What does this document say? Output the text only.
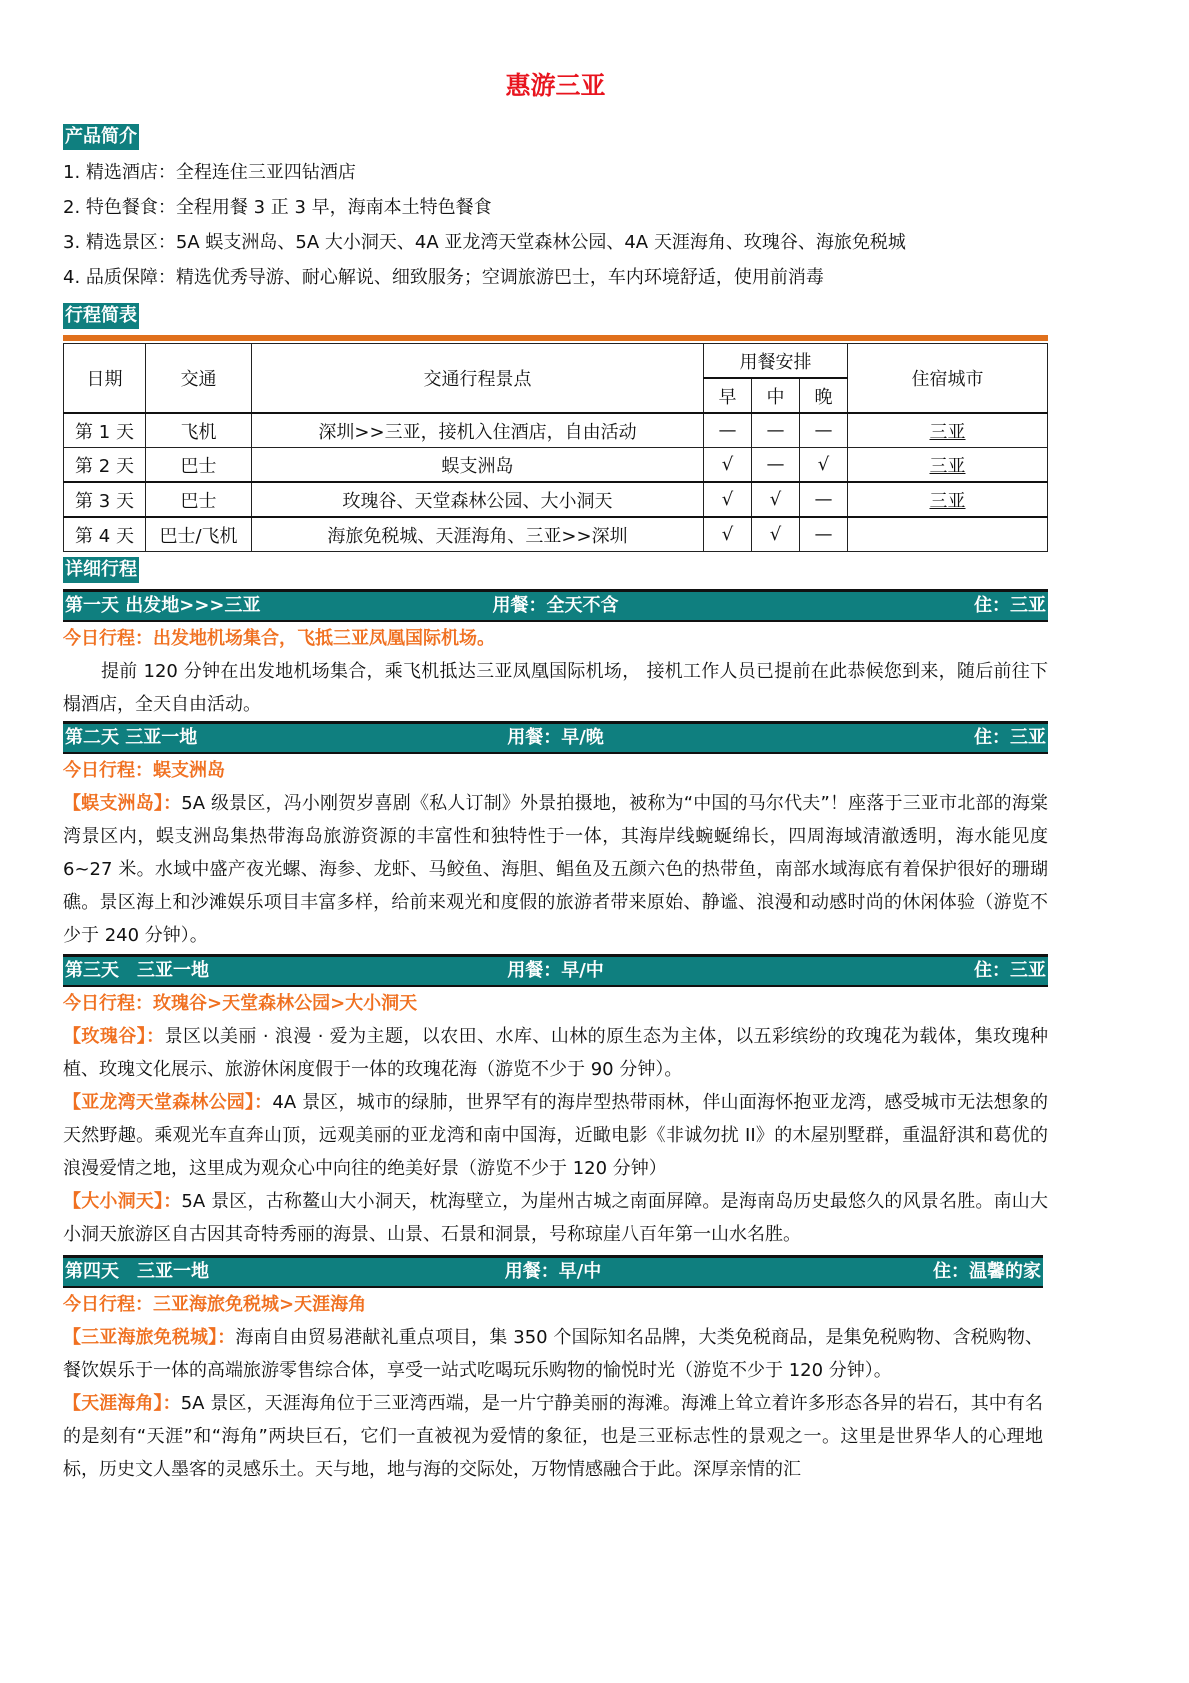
惠游三亚
产品简介
1. 精选酒店：全程连住三亚四钻酒店
2. 特色餐食：全程用餐 3 正 3 早，海南本土特色餐食
3. 精选景区：5A 蜈支洲岛、5A 大小洞天、4A 亚龙湾天堂森林公园、4A 天涯海角、玫瑰谷、海旅免税城
4. 品质保障：精选优秀导游、耐心解说、细致服务；空调旅游巴士，车内环境舒适，使用前消毒
行程简表
日期	交通	交通行程景点	用餐安排			住宿城市
			早	中	晚	
第 1 天	飞机	深圳>>三亚，接机入住酒店，自由活动	—	—	—	三亚
第 2 天	巴士	蜈支洲岛	√	—	√	三亚
第 3 天	巴士	玫瑰谷、天堂森林公园、大小洞天	√	√	—	三亚
第 4 天	巴士/飞机	海旅免税城、天涯海角、三亚>>深圳	√	√	—	
详细行程
第一天 出发地>>>三亚	用餐：全天不含	住：三亚
今日行程：出发地机场集合，飞抵三亚凤凰国际机场。
提前 120 分钟在出发地机场集合，乘飞机抵达三亚凤凰国际机场， 接机工作人员已提前在此恭候您到来，随后前往下榻酒店，全天自由活动。
第二天 三亚一地	用餐：早/晚	住：三亚
今日行程：蜈支洲岛
【蜈支洲岛】：5A 级景区，冯小刚贺岁喜剧《私人订制》外景拍摄地，被称为“中国的马尔代夫”！座落于三亚市北部的海棠湾景区内，蜈支洲岛集热带海岛旅游资源的丰富性和独特性于一体，其海岸线蜿蜒绵长，四周海域清澈透明，海水能见度 6~27 米。水域中盛产夜光螺、海参、龙虾、马鲛鱼、海胆、鲳鱼及五颜六色的热带鱼，南部水域海底有着保护很好的珊瑚礁。景区海上和沙滩娱乐项目丰富多样，给前来观光和度假的旅游者带来原始、静谧、浪漫和动感时尚的休闲体验（游览不少于 240 分钟）。
第三天　三亚一地	用餐：早/中	住：三亚
今日行程：玫瑰谷>天堂森林公园>大小洞天
【玫瑰谷】：景区以美丽 · 浪漫 · 爱为主题，以农田、水库、山林的原生态为主体，以五彩缤纷的玫瑰花为载体，集玫瑰种植、玫瑰文化展示、旅游休闲度假于一体的玫瑰花海（游览不少于 90 分钟）。
【亚龙湾天堂森林公园】：4A 景区，城市的绿肺，世界罕有的海岸型热带雨林，伴山面海怀抱亚龙湾，感受城市无法想象的天然野趣。乘观光车直奔山顶，远观美丽的亚龙湾和南中国海，近瞰电影《非诚勿扰 II》的木屋别墅群，重温舒淇和葛优的浪漫爱情之地，这里成为观众心中向往的绝美好景（游览不少于 120 分钟）
【大小洞天】：5A 景区，古称鳌山大小洞天，枕海壁立，为崖州古城之南面屏障。是海南岛历史最悠久的风景名胜。南山大小洞天旅游区自古因其奇特秀丽的海景、山景、石景和洞景，号称琼崖八百年第一山水名胜。
第四天　三亚一地	用餐：早/中	住：温馨的家
今日行程：三亚海旅免税城>天涯海角
【三亚海旅免税城】：海南自由贸易港献礼重点项目，集 350 个国际知名品牌，大类免税商品，是集免税购物、含税购物、餐饮娱乐于一体的高端旅游零售综合体，享受一站式吃喝玩乐购物的愉悦时光（游览不少于 120 分钟）。
【天涯海角】：5A 景区，天涯海角位于三亚湾西端，是一片宁静美丽的海滩。海滩上耸立着许多形态各异的岩石，其中有名的是刻有“天涯”和“海角”两块巨石，它们一直被视为爱情的象征，也是三亚标志性的景观之一。这里是世界华人的心理地标，历史文人墨客的灵感乐土。天与地，地与海的交际处，万物情感融合于此。深厚亲情的汇
